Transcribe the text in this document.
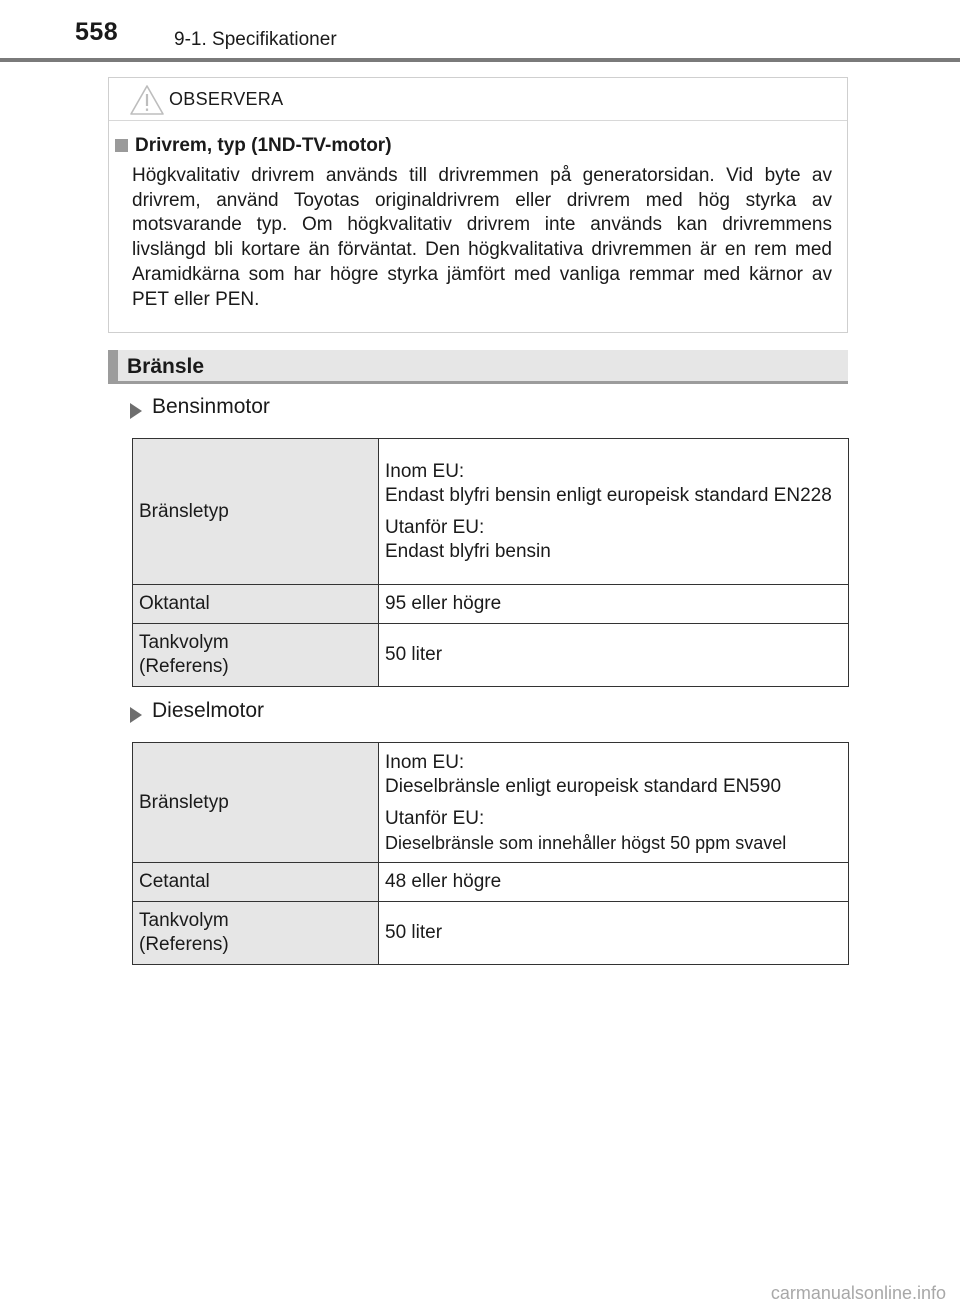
558	9-1. Specifikationer
OBSERVERA
Drivrem, typ (1ND-TV-motor)
Högkvalitativ drivrem används till drivremmen på generatorsidan. Vid byte av drivrem, använd Toyotas originaldrivrem eller drivrem med hög styrka av motsvarande typ. Om högkvalitativ drivrem inte används kan drivremmens livslängd bli kortare än förväntat. Den högkvalitativa drivremmen är en rem med Aramidkärna som har högre styrka jämfört med vanliga remmar med kärnor av PET eller PEN.
Bränsle
Bensinmotor
Bränsletyp	Inom EU:
Endast blyfri bensin enligt europeisk standard EN228
Utanför EU:
Endast blyfri bensin

Oktantal	95 eller högre

Tankvolym
(Referens)	50 liter
Dieselmotor
Bränsletyp	Inom EU:
Dieselbränsle enligt europeisk standard EN590
Utanför EU:
Dieselbränsle som innehåller högst 50 ppm svavel

Cetantal	48 eller högre

Tankvolym
(Referens)	50 liter
carmanualsonline.info
